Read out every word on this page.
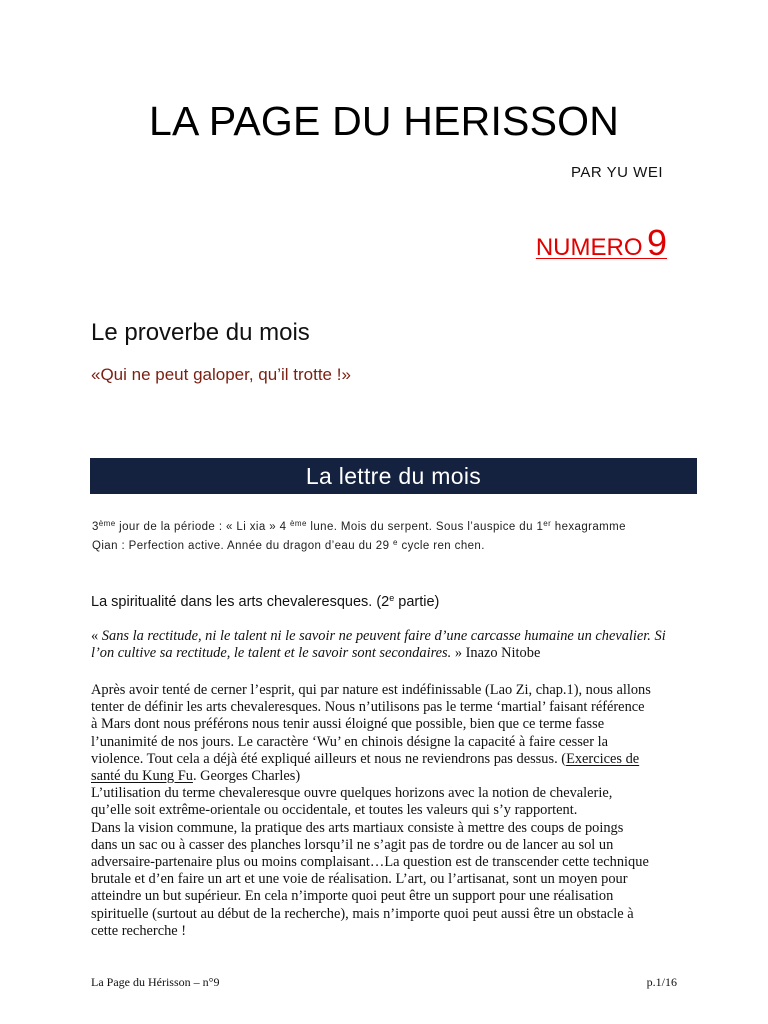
LA PAGE DU HERISSON
PAR YU WEI
NUMERO 9
Le proverbe du mois
«Qui ne peut galoper, qu’il trotte !»
La lettre du mois
3ème jour de la période : « Li xia » 4 $^{ème}$ lune. Mois du serpent. Sous l’auspice du 1er hexagramme
Qian : Perfection active. Année du dragon d’eau du 29 $^e$ cycle ren chen.
La spiritualité dans les arts chevaleresques. (2e partie)
« Sans la rectitude, ni le talent ni le savoir ne peuvent faire d’une carcasse humaine un chevalier. Si l’on cultive sa rectitude, le talent et le savoir sont secondaires. » Inazo Nitobe
Après avoir tenté de cerner l’esprit, qui par nature est indéfinissable (Lao Zi, chap.1), nous allons
tenter de définir les arts chevaleresques. Nous n’utilisons pas le terme ‘martial’ faisant référence
à Mars dont nous préférons nous tenir aussi éloigné que possible, bien que ce terme fasse
l’unanimité de nos jours. Le caractère ‘Wu’ en chinois désigne la capacité à faire cesser la
violence. Tout cela a déjà été expliqué ailleurs et nous ne reviendrons pas dessus. (Exercices de
santé du Kung Fu. Georges Charles)
L’utilisation du terme chevaleresque ouvre quelques horizons avec la notion de chevalerie,
qu’elle soit extrême-orientale ou occidentale, et toutes les valeurs qui s’y rapportent.
Dans la vision commune, la pratique des arts martiaux consiste à mettre des coups de poings
dans un sac ou à casser des planches lorsqu’il ne s’agit pas de tordre ou de lancer au sol un
adversaire-partenaire plus ou moins complaisant…La question est de transcender cette technique
brutale et d’en faire un art et une voie de réalisation. L’art, ou l’artisanat, sont un moyen pour
atteindre un but supérieur. En cela n’importe quoi peut être un support pour une réalisation
spirituelle (surtout au début de la recherche), mais n’importe quoi peut aussi être un obstacle à
cette recherche !
La Page du Hérisson – n°9	p.1/16
